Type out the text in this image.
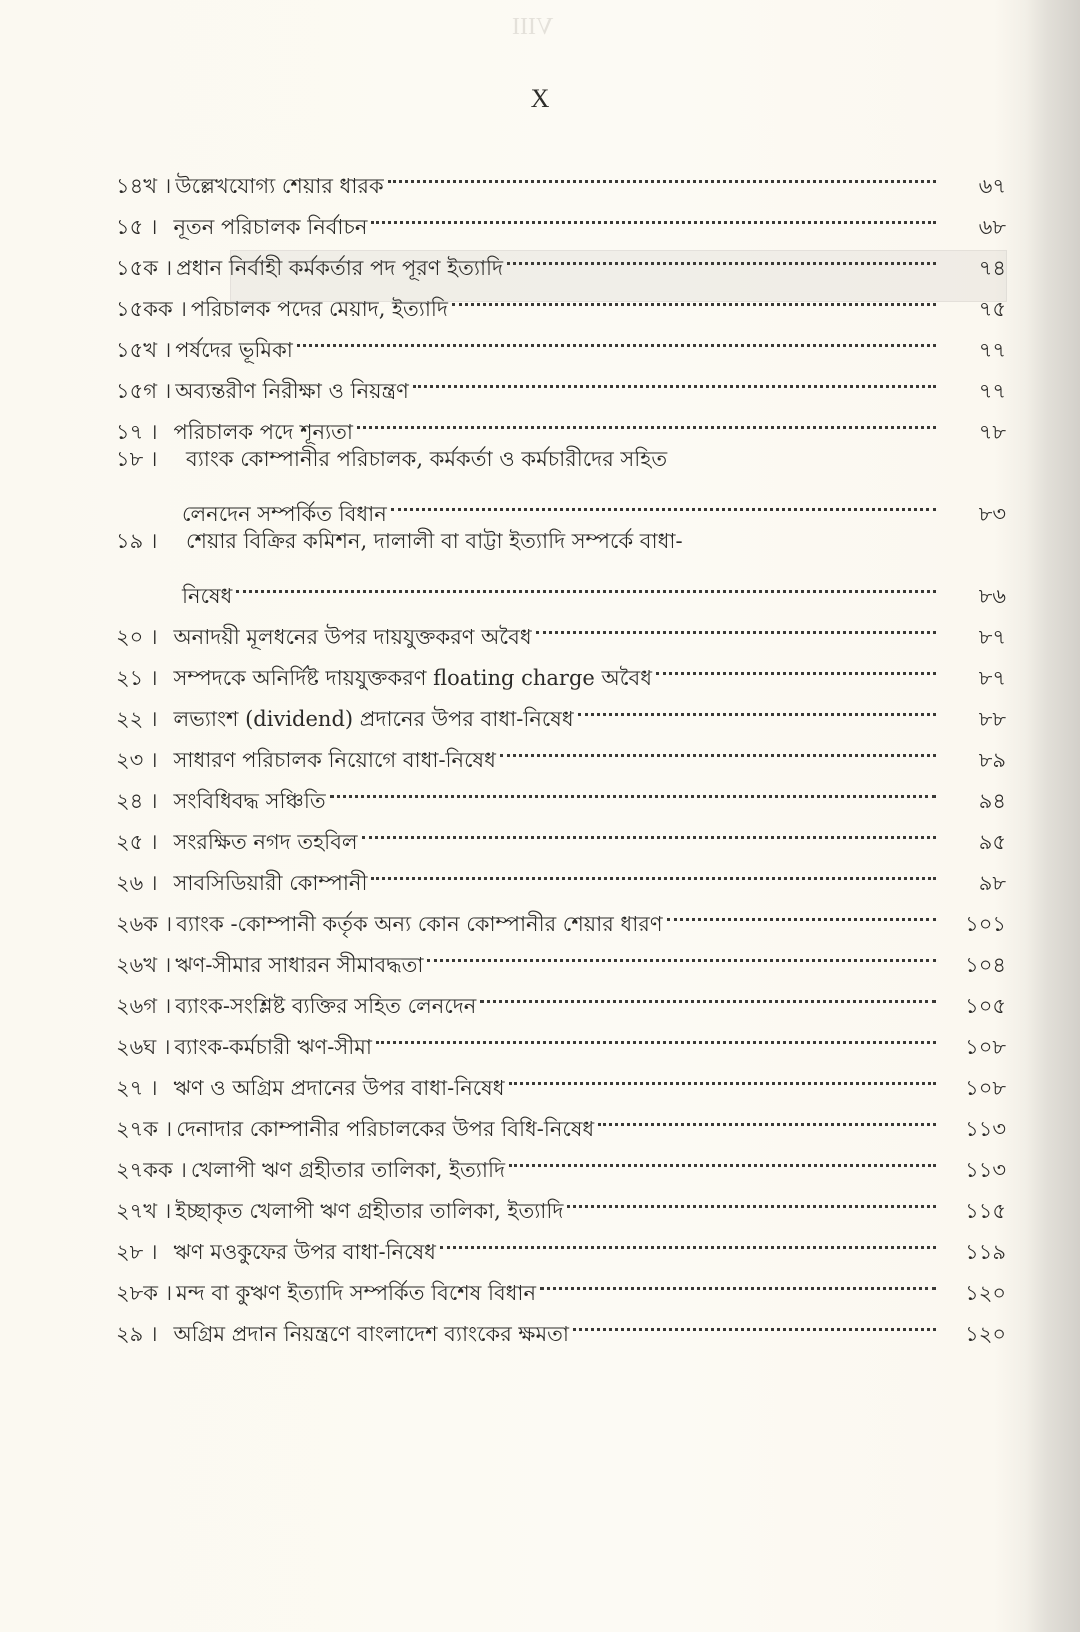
VIII
X
১৪খ । উল্লেখযোগ্য শেয়ার ধারক	৬৭
১৫ । নূতন পরিচালক নির্বাচন	৬৮
১৫ক । প্রধান নির্বাহী কর্মকর্তার পদ পূরণ ইত্যাদি	৭৪
১৫কক । পরিচালক পদের মেয়াদ, ইত্যাদি	৭৫
১৫খ । পর্ষদের ভূমিকা	৭৭
১৫গ । অব্যন্তরীণ নিরীক্ষা ও নিয়ন্ত্রণ	৭৭
১৭ । পরিচালক পদে শূন্যতা	৭৮
১৮ ।	ব্যাংক কোম্পানীর পরিচালক, কর্মকর্তা ও কর্মচারীদের সহিত
লেনদেন সম্পর্কিত বিধান	৮৩
১৯ ।	শেয়ার বিক্রির কমিশন, দালালী বা বাট্টা ইত্যাদি সম্পর্কে বাধা-
নিষেধ	৮৬
২০ । অনাদয়ী মূলধনের উপর দায়যুক্তকরণ অবৈধ	৮৭
২১ । সম্পদকে অনির্দিষ্ট দায়যুক্তকরণ floating charge অবৈধ	৮৭
২২ । লভ্যাংশ (dividend) প্রদানের উপর বাধা-নিষেধ	৮৮
২৩ । সাধারণ পরিচালক নিয়োগে বাধা-নিষেধ	৮৯
২৪ । সংবিধিবদ্ধ সঞ্চিতি	৯৪
২৫ । সংরক্ষিত নগদ তহবিল	৯৫
২৬ । সাবসিডিয়ারী কোম্পানী	৯৮
২৬ক । ব্যাংক -কোম্পানী কর্তৃক অন্য কোন কোম্পানীর শেয়ার ধারণ	১০১
২৬খ । ঋণ-সীমার সাধারন সীমাবদ্ধতা	১০৪
২৬গ । ব্যাংক-সংশ্লিষ্ট ব্যক্তির সহিত লেনদেন	১০৫
২৬ঘ । ব্যাংক-কর্মচারী ঋণ-সীমা	১০৮
২৭ । ঋণ ও অগ্রিম প্রদানের উপর বাধা-নিষেধ	১০৮
২৭ক । দেনাদার কোম্পানীর পরিচালকের উপর বিধি-নিষেধ	১১৩
২৭কক । খেলাপী ঋণ গ্রহীতার তালিকা, ইত্যাদি	১১৩
২৭খ । ইচ্ছাকৃত খেলাপী ঋণ গ্রহীতার তালিকা, ইত্যাদি	১১৫
২৮ । ঋণ মওকুফের উপর বাধা-নিষেধ	১১৯
২৮ক । মন্দ বা কুঋণ ইত্যাদি সম্পর্কিত বিশেষ বিধান	১২০
২৯ । অগ্রিম প্রদান নিয়ন্ত্রণে বাংলাদেশ ব্যাংকের ক্ষমতা	১২০
